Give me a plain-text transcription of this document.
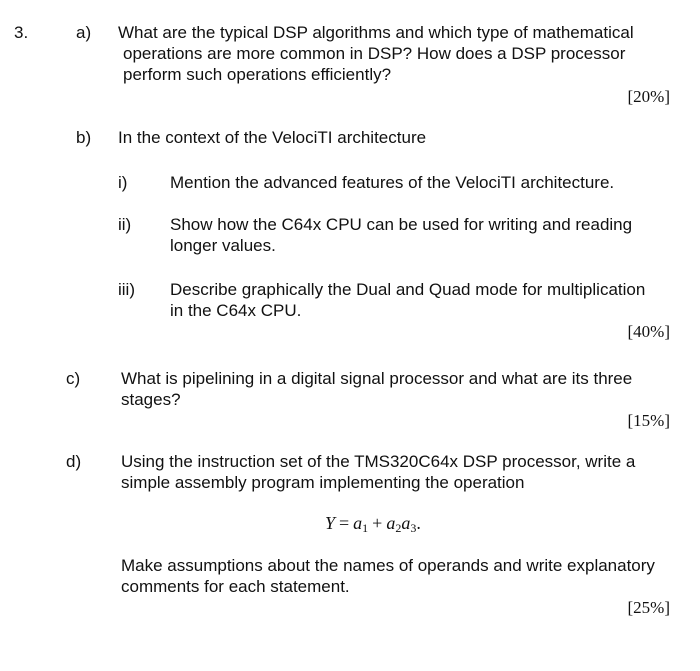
3.	a) What are the typical DSP algorithms and which type of mathematical
operations are more common in DSP? How does a DSP processor
perform such operations efficiently?
[20%]
b) In the context of the VelociTI architecture
i)	Mention the advanced features of the VelociTI architecture.
ii) Show how the C64x CPU can be used for writing and reading
longer values.
iii) Describe graphically the Dual and Quad mode for multiplication
in the C64x CPU.
[40%]
c) What is pipelining in a digital signal processor and what are its three
stages?
[15%]
d) Using the instruction set of the TMS320C64x DSP processor, write a
simple assembly program implementing the operation
$Y = a_1 + a_2a_3$.
Make assumptions about the names of operands and write explanatory
comments for each statement.
[25%]
